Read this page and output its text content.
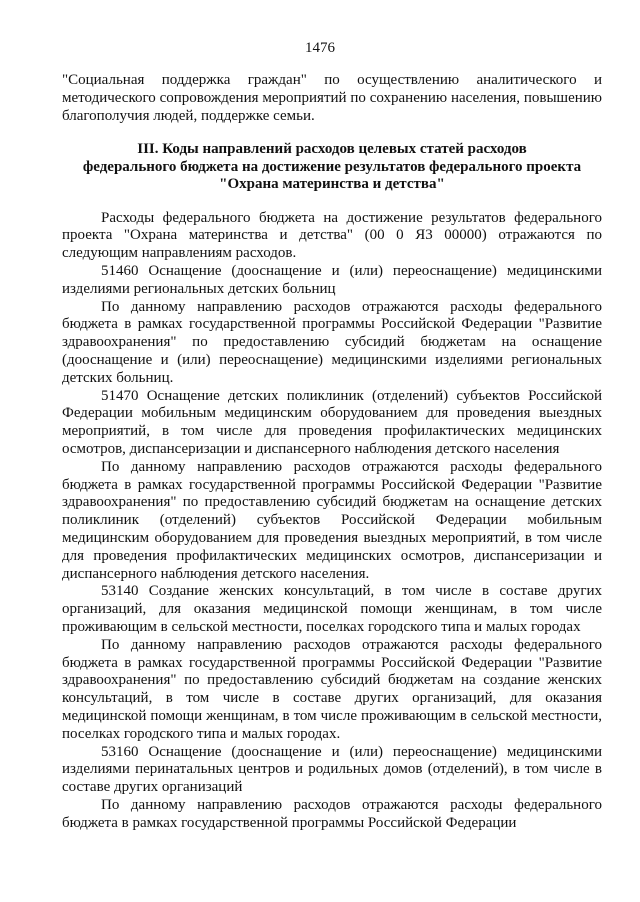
1476

"Социальная поддержка граждан" по осуществлению аналитического и методического сопровождения мероприятий по сохранению населения, повышению благополучия людей, поддержке семьи.

III. Коды направлений расходов целевых статей расходов
федерального бюджета на достижение результатов федерального проекта
"Охрана материнства и детства"

Расходы федерального бюджета на достижение результатов федерального проекта "Охрана материнства и детства" (00 0 Я3 00000) отражаются по следующим направлениям расходов.

51460 Оснащение (дооснащение и (или) переоснащение) медицинскими изделиями региональных детских больниц

По данному направлению расходов отражаются расходы федерального бюджета в рамках государственной программы Российской Федерации "Развитие здравоохранения" по предоставлению субсидий бюджетам на оснащение (дооснащение и (или) переоснащение) медицинскими изделиями региональных детских больниц.

51470 Оснащение детских поликлиник (отделений) субъектов Российской Федерации мобильным медицинским оборудованием для проведения выездных мероприятий, в том числе для проведения профилактических медицинских осмотров, диспансеризации и диспансерного наблюдения детского населения

По данному направлению расходов отражаются расходы федерального бюджета в рамках государственной программы Российской Федерации "Развитие здравоохранения" по предоставлению субсидий бюджетам на оснащение детских поликлиник (отделений) субъектов Российской Федерации мобильным медицинским оборудованием для проведения выездных мероприятий, в том числе для проведения профилактических медицинских осмотров, диспансеризации и диспансерного наблюдения детского населения.

53140 Создание женских консультаций, в том числе в составе других организаций, для оказания медицинской помощи женщинам, в том числе проживающим в сельской местности, поселках городского типа и малых городах

По данному направлению расходов отражаются расходы федерального бюджета в рамках государственной программы Российской Федерации "Развитие здравоохранения" по предоставлению субсидий бюджетам на создание женских консультаций, в том числе в составе других организаций, для оказания медицинской помощи женщинам, в том числе проживающим в сельской местности, поселках городского типа и малых городах.

53160 Оснащение (дооснащение и (или) переоснащение) медицинскими изделиями перинатальных центров и родильных домов (отделений), в том числе в составе других организаций

По данному направлению расходов отражаются расходы федерального бюджета в рамках государственной программы Российской Федерации
